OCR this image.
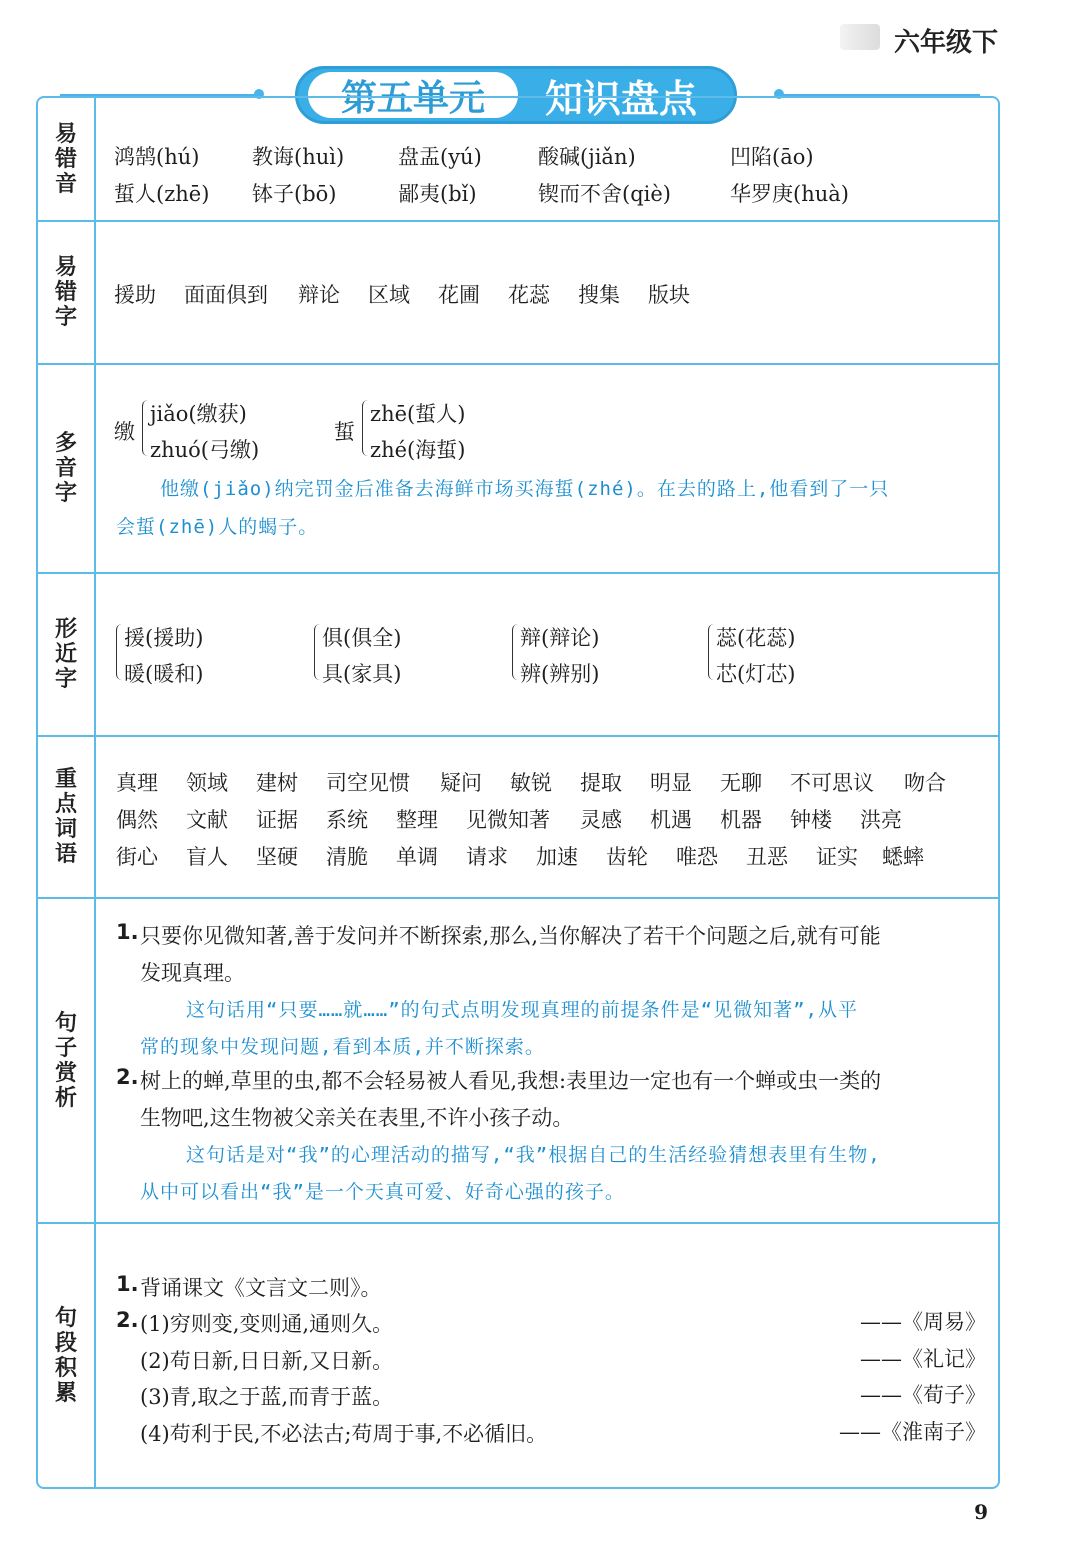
六年级下
第五单元	知识盘点
易
错
音
易
错
字
多
音
字
形
近
字
重
点
词
语
句
子
赏
析
句
段
积
累
鸿鹄(hú)	教诲(huì)	盘盂(yú)	酸碱(jiǎn)	凹陷(āo)
蜇人(zhē) 钵子(bō)	鄙夷(bǐ)	锲而不舍(qiè)	华罗庚(huà)
援助 面面俱到 辩论 区域 花圃 花蕊 搜集 版块
缴
jiǎo(缴获)
zhuó(弓缴)
蜇
zhē(蜇人)
zhé(海蜇)
他缴(jiǎo)纳完罚金后准备去海鲜市场买海蜇(zhé)。在去的路上,他看到了一只
会蜇(zhē)人的蝎子。
援(援助)
暖(暖和)
俱(俱全)
具(家具)
辩(辩论)
辨(辨别)
蕊(花蕊)
芯(灯芯)
真理 领域 建树 司空见惯 疑问 敏锐 提取 明显 无聊 不可思议 吻合
偶然 文献 证据 系统 整理 见微知著 灵感 机遇 机器 钟楼 洪亮
街心 盲人 坚硬 清脆 单调 请求 加速 齿轮 唯恐 丑恶 证实 蟋蟀
1. 只要你见微知著,善于发问并不断探索,那么,当你解决了若干个问题之后,就有可能
发现真理。
这句话用“只要……就……”的句式点明发现真理的前提条件是“见微知著”,从平
常的现象中发现问题,看到本质,并不断探索。
2. 树上的蝉,草里的虫,都不会轻易被人看见,我想:表里边一定也有一个蝉或虫一类的
生物吧,这生物被父亲关在表里,不许小孩子动。
这句话是对“我”的心理活动的描写,“我”根据自己的生活经验猜想表里有生物,
从中可以看出“我”是一个天真可爱、好奇心强的孩子。
1. 背诵课文《文言文二则》。
2. (1)穷则变,变则通,通则久。	——《周易》
(2)苟日新,日日新,又日新。	——《礼记》
(3)青,取之于蓝,而青于蓝。	——《荀子》
(4)苟利于民,不必法古;苟周于事,不必循旧。	——《淮南子》
9
